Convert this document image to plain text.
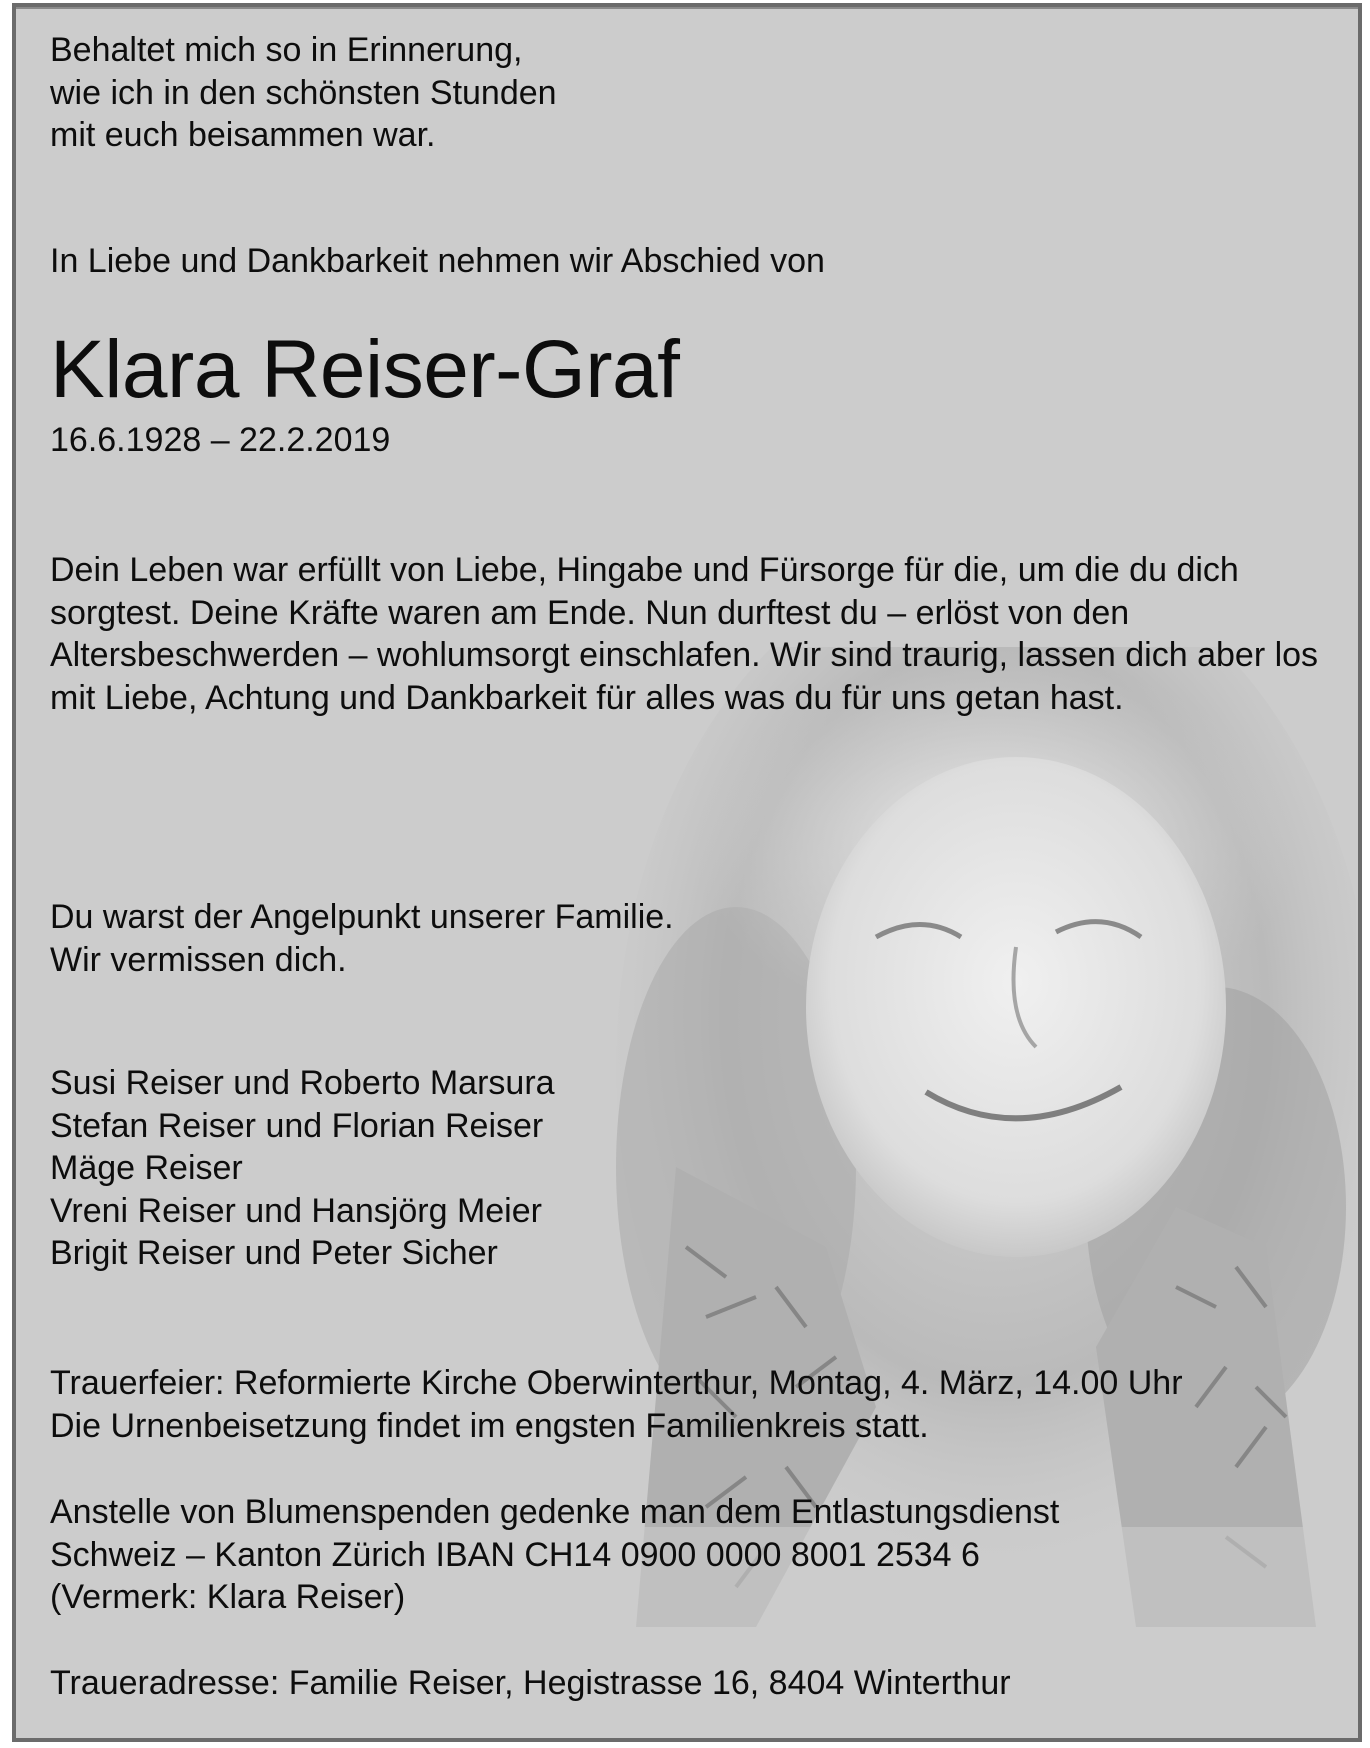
Behaltet mich so in Erinnerung,
wie ich in den schönsten Stunden
mit euch beisammen war.

In Liebe und Dankbarkeit nehmen wir Abschied von

Klara Reiser-Graf

16.6.1928 – 22.2.2019

Dein Leben war erfüllt von Liebe, Hingabe und Fürsorge für die, um die du dich sorgtest. Deine Kräfte waren am Ende. Nun durftest du – erlöst von den Altersbeschwerden – wohlumsorgt einschlafen. Wir sind traurig, lassen dich aber los mit Liebe, Achtung und Dankbarkeit für alles was du für uns getan hast.

Du warst der Angelpunkt unserer Familie.
Wir vermissen dich.

Susi Reiser und Roberto Marsura
Stefan Reiser und Florian Reiser
Mäge Reiser
Vreni Reiser und Hansjörg Meier
Brigit Reiser und Peter Sicher

Trauerfeier: Reformierte Kirche Oberwinterthur, Montag, 4. März, 14.00 Uhr
Die Urnenbeisetzung findet im engsten Familienkreis statt.

Anstelle von Blumenspenden gedenke man dem Entlastungsdienst
Schweiz – Kanton Zürich IBAN CH14 0900 0000 8001 2534 6
(Vermerk: Klara Reiser)

Traueradresse: Familie Reiser, Hegistrasse 16, 8404 Winterthur
